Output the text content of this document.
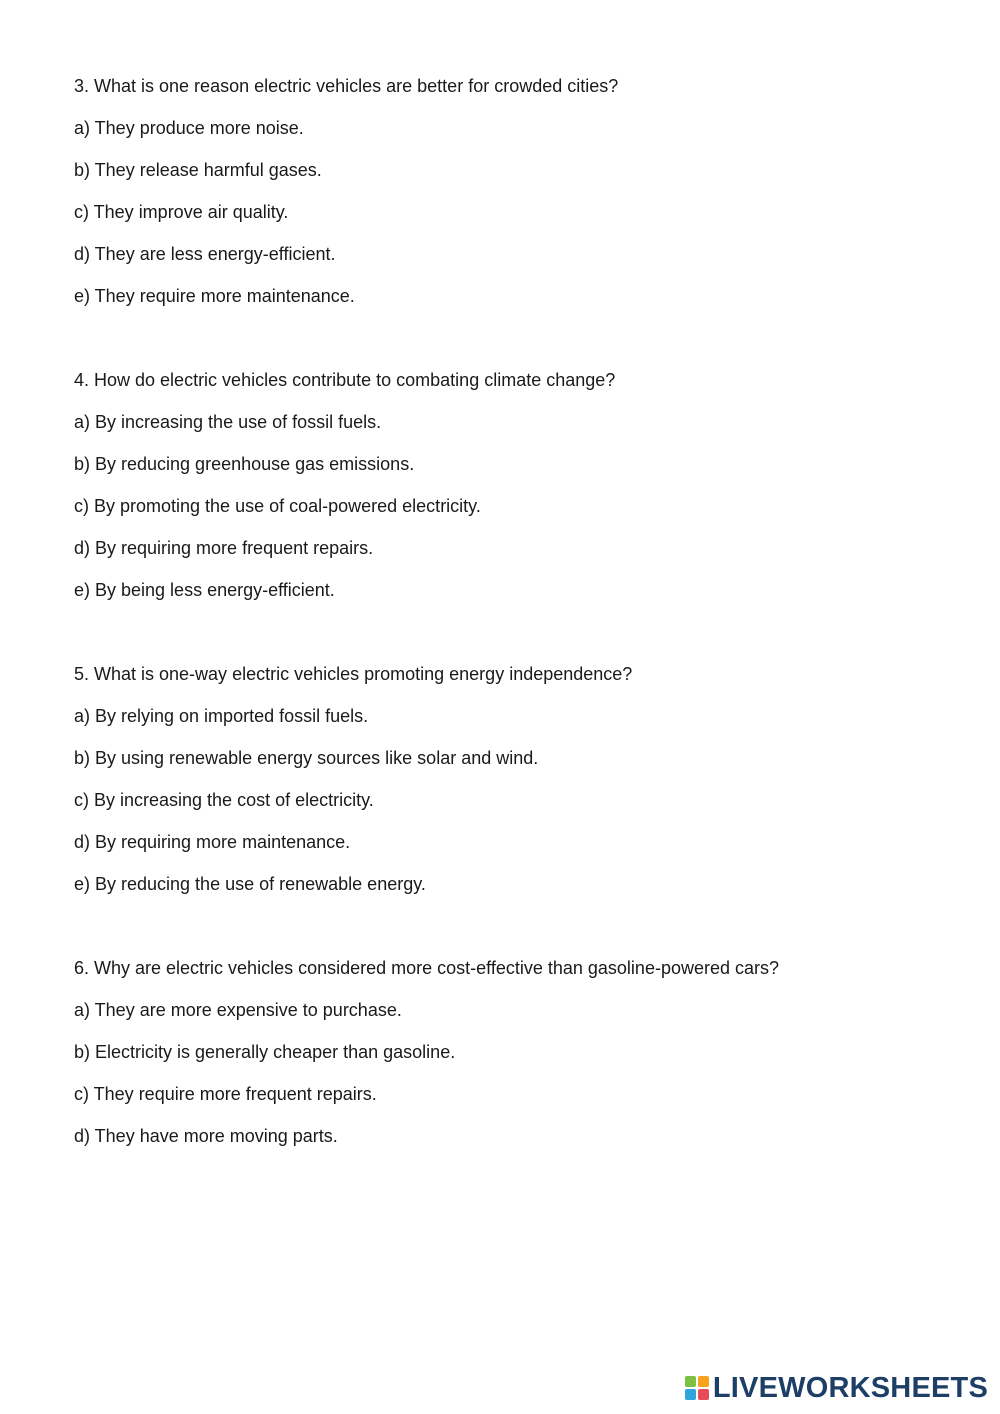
3. What is one reason electric vehicles are better for crowded cities?
a) They produce more noise.
b) They release harmful gases.
c) They improve air quality.
d) They are less energy-efficient.
e) They require more maintenance.
4. How do electric vehicles contribute to combating climate change?
a) By increasing the use of fossil fuels.
b) By reducing greenhouse gas emissions.
c) By promoting the use of coal-powered electricity.
d) By requiring more frequent repairs.
e) By being less energy-efficient.
5. What is one-way electric vehicles promoting energy independence?
a) By relying on imported fossil fuels.
b) By using renewable energy sources like solar and wind.
c) By increasing the cost of electricity.
d) By requiring more maintenance.
e) By reducing the use of renewable energy.
6. Why are electric vehicles considered more cost-effective than gasoline-powered cars?
a) They are more expensive to purchase.
b) Electricity is generally cheaper than gasoline.
c) They require more frequent repairs.
d) They have more moving parts.
LIVEWORKSHEETS
